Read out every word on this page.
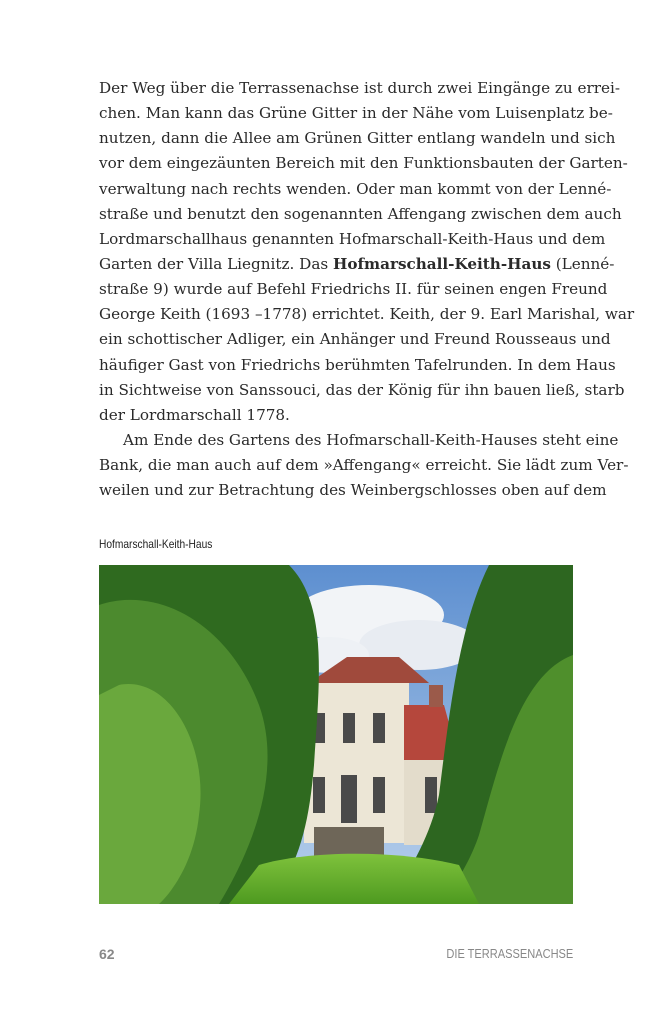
Der Weg über die Terrassenachse ist durch zwei Eingänge zu errei-
chen. Man kann das Grüne Gitter in der Nähe vom Luisenplatz be-
nutzen, dann die Allee am Grünen Gitter entlang wandeln und sich
vor dem eingezäunten Bereich mit den Funktionsbauten der Garten-
verwaltung nach rechts wenden. Oder man kommt von der Lenné-
straße und benutzt den sogenannten Affengang zwischen dem auch
Lordmarschallhaus genannten Hofmarschall-Keith-Haus und dem
Garten der Villa Liegnitz. Das Hofmarschall-Keith-Haus (Lenné-
straße 9) wurde auf Befehl Friedrichs II. für seinen engen Freund
George Keith (1693 –1778) errichtet. Keith, der 9. Earl Marishal, war
ein schottischer Adliger, ein Anhänger und Freund Rousseaus und
häufiger Gast von Friedrichs berühmten Tafelrunden. In dem Haus
in Sichtweise von Sanssouci, das der König für ihn bauen ließ, starb
der Lordmarschall 1778.
Am Ende des Gartens des Hofmarschall-Keith-Hauses steht eine
Bank, die man auch auf dem »Affengang« erreicht. Sie lädt zum Ver-
weilen und zur Betrachtung des Weinbergschlosses oben auf dem
Hofmarschall-Keith-Haus
62	DIE TERRASSENACHSE
